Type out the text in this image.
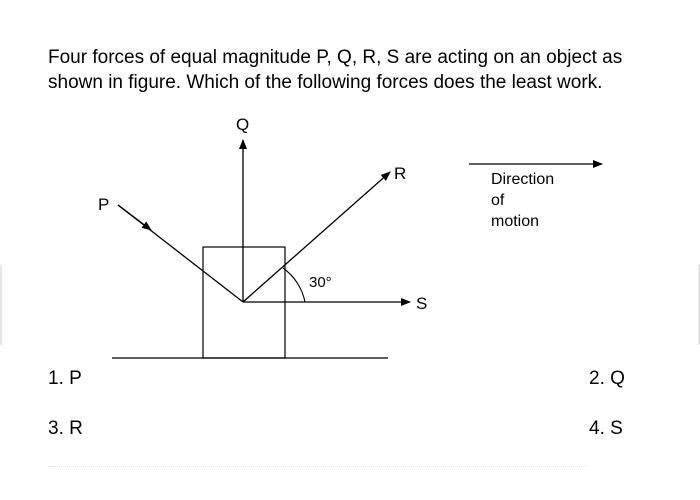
Four forces of equal magnitude P, Q, R, S are acting on an object as shown in figure. Which of the following forces does the least work.

Q
P
R
S
30°
Direction
of
motion
1. P	2. Q
3. R	4. S
